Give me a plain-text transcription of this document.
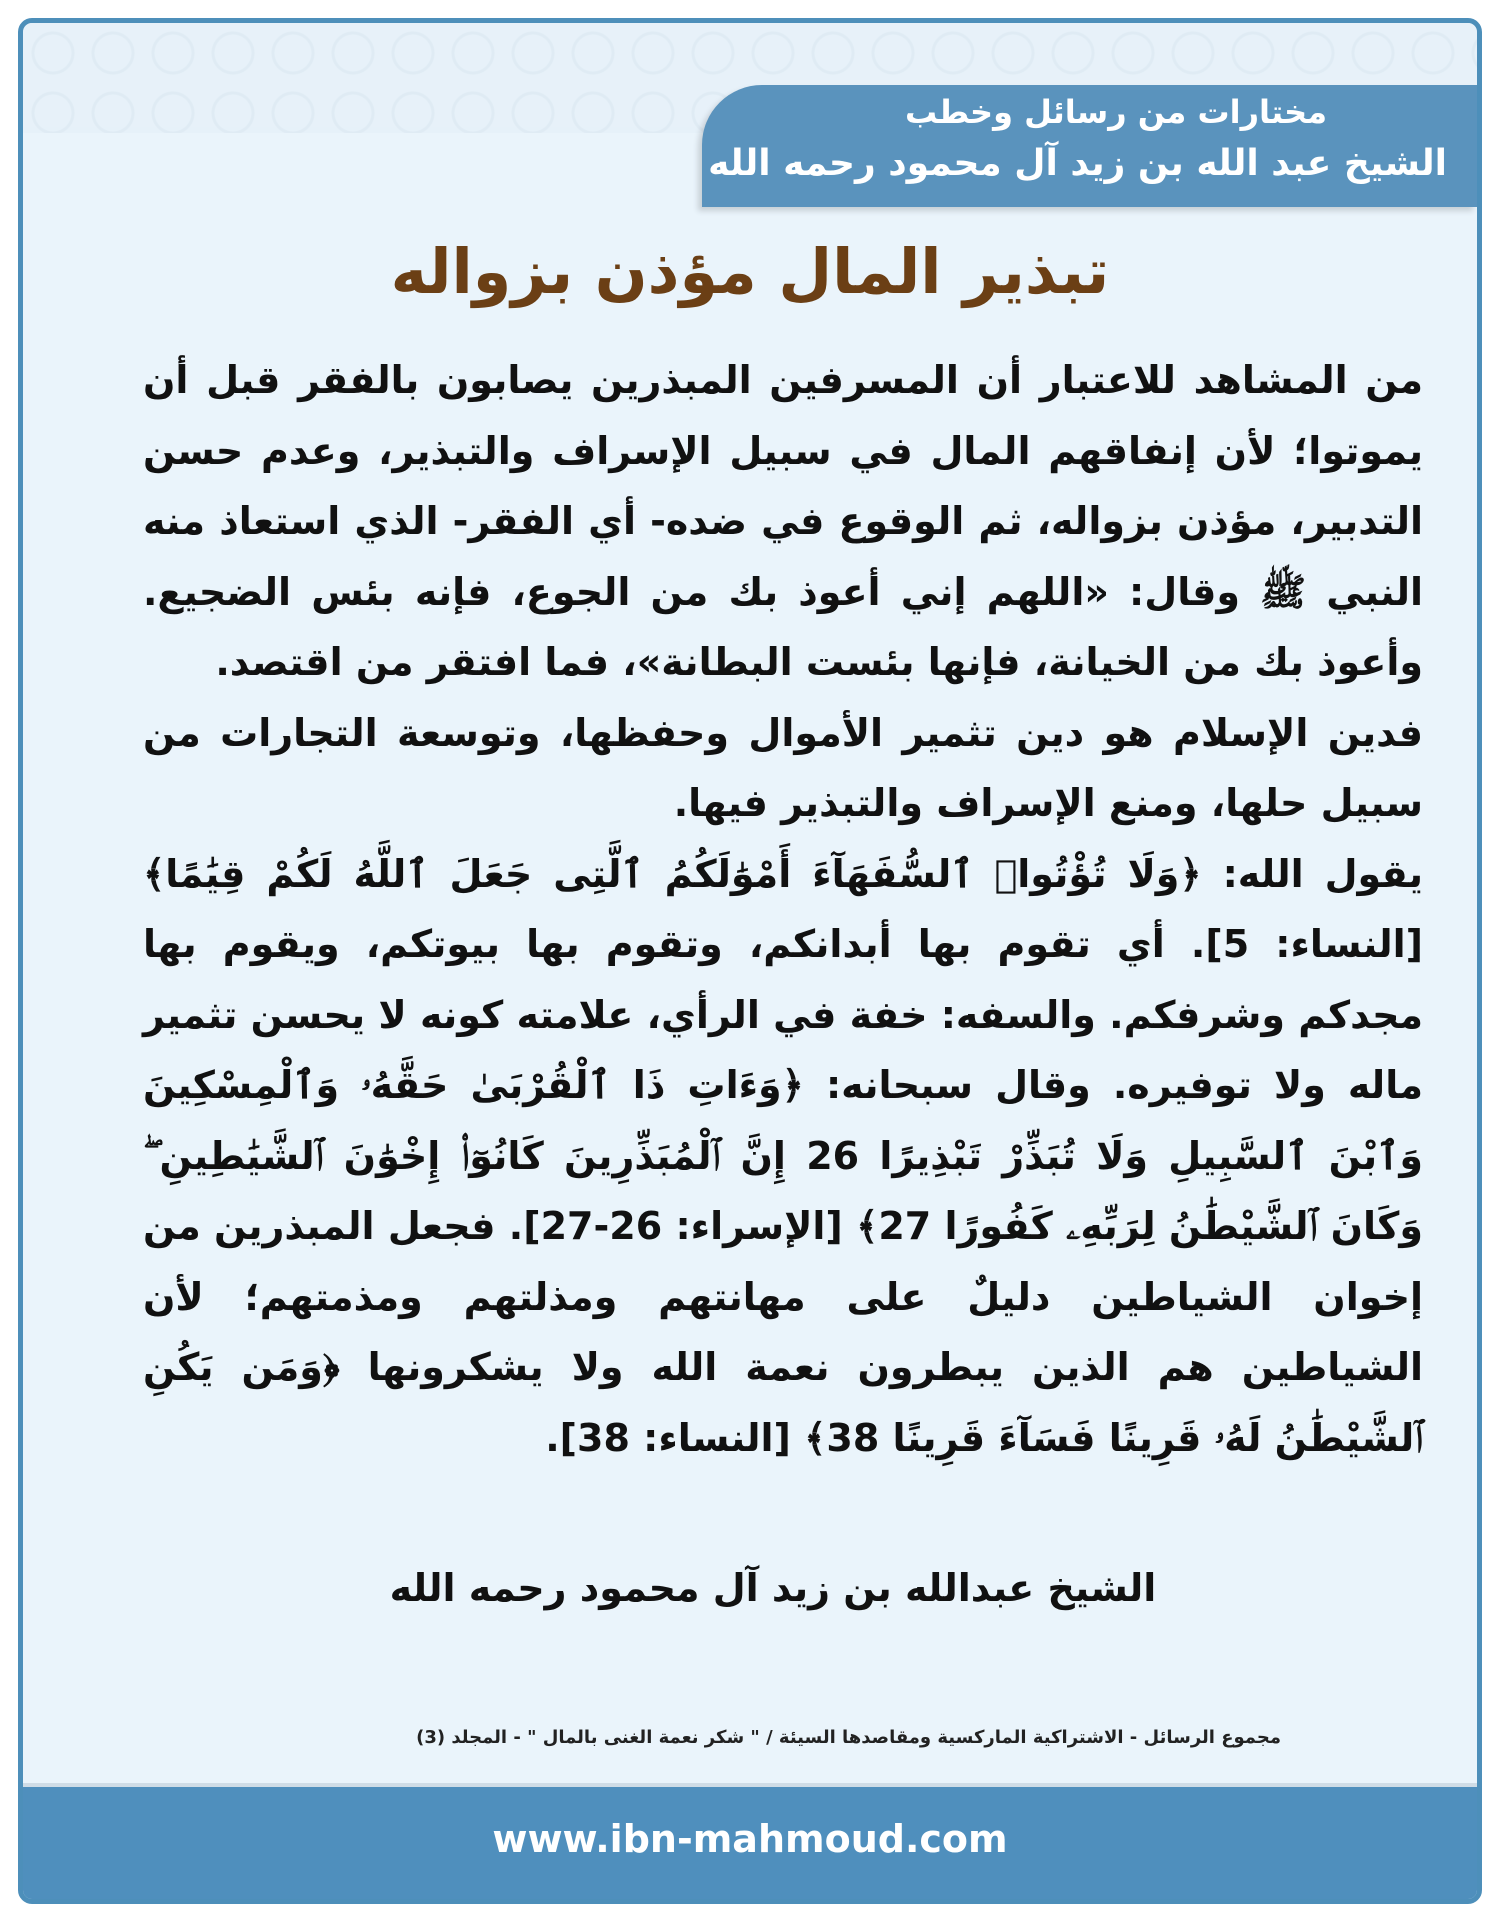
مختارات من رسائل وخطب
الشيخ عبد الله بن زيد آل محمود رحمه الله
تبذير المال مؤذن بزواله

من المشاهد للاعتبار أن المسرفين المبذرين يصابون بالفقر قبل أن يموتوا؛ لأن إنفاقهم المال في سبيل الإسراف والتبذير، وعدم حسن التدبير، مؤذن بزواله، ثم الوقوع في ضده- أي الفقر- الذي استعاذ منه النبي ﷺ وقال: «اللهم إني أعوذ بك من الجوع، فإنه بئس الضجيع. وأعوذ بك من الخيانة، فإنها بئست البطانة»، فما افتقر من اقتصد.

فدين الإسلام هو دين تثمير الأموال وحفظها، وتوسعة التجارات من سبيل حلها، ومنع الإسراف والتبذير فيها.

يقول الله: ﴿وَلَا تُؤْتُوا۟ ٱلسُّفَهَآءَ أَمْوَٰلَكُمُ ٱلَّتِى جَعَلَ ٱللَّهُ لَكُمْ قِيَٰمًا﴾ [النساء: 5]. أي تقوم بها أبدانكم، وتقوم بها بيوتكم، ويقوم بها مجدكم وشرفكم. والسفه: خفة في الرأي، علامته كونه لا يحسن تثمير ماله ولا توفيره. وقال سبحانه: ﴿وَءَاتِ ذَا ٱلْقُرْبَىٰ حَقَّهُۥ وَٱلْمِسْكِينَ وَٱبْنَ ٱلسَّبِيلِ وَلَا تُبَذِّرْ تَبْذِيرًا 26 إِنَّ ٱلْمُبَذِّرِينَ كَانُوٓا۟ إِخْوَٰنَ ٱلشَّيَٰطِينِ ۖ وَكَانَ ٱلشَّيْطَٰنُ لِرَبِّهِۦ كَفُورًا 27﴾ [الإسراء: 26-27]. فجعل المبذرين من إخوان الشياطين دليلٌ على مهانتهم ومذلتهم ومذمتهم؛ لأن الشياطين هم الذين يبطرون نعمة الله ولا يشكرونها ﴿وَمَن يَكُنِ ٱلشَّيْطَٰنُ لَهُۥ قَرِينًا فَسَآءَ قَرِينًا 38﴾ [النساء: 38].

الشيخ عبدالله بن زيد آل محمود رحمه الله
مجموع الرسائل - الاشتراكية الماركسية ومقاصدها السيئة / " شكر نعمة الغنى بالمال " - المجلد (3)
www.ibn-mahmoud.com
